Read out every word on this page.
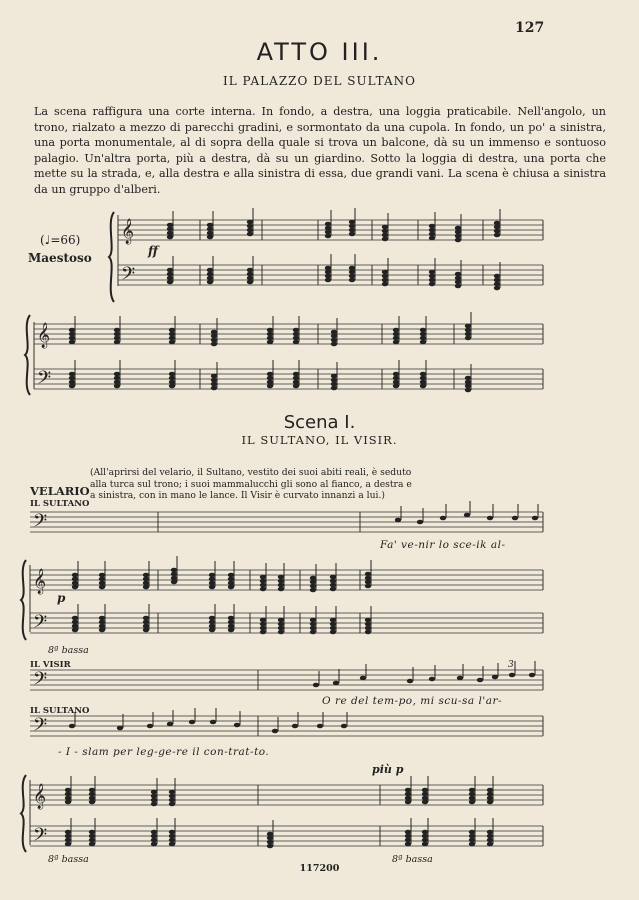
𝄞
𝄢
𝄞
𝄢
𝄢
𝄞
𝄢
𝄢
𝄢
𝄞
𝄢
127
ATTO III.
IL PALAZZO DEL SULTANO
La scena raffigura una corte interna. In fondo, a destra, una loggia praticabile. Nell'angolo, un trono, rialzato a mezzo di parecchi gradini, e sormontato da una cupola. In fondo, un po' a sinistra, una porta monumentale, al di sopra della quale si trova un balcone, dà su un immenso e sontuoso palagio. Un'altra porta, più a destra, dà su un giardino. Sotto la loggia di destra, una porta che mette su la strada, e, alla destra e alla sinistra di essa, due grandi vani. La scena è chiusa a sinistra da un gruppo d'alberi.
(♩=66)
Maestoso	ff
Scena I.
IL SULTANO, IL VISIR.
(All'aprirsi del velario, il Sultano, vestito dei suoi abiti reali, è seduto alla turca sul trono; i suoi mammalucchi gli sono al fianco, a destra e a sinistra, con in mano le lance. Il Visir è curvato innanzi a lui.)
VELARIO
IL SULTANO
Fa' ve-nir lo sce-ik al-
p
8ª bassa
IL VISIR	3
O re del tem-po, mi scu-sa l'ar-
IL SULTANO
- I - slam per leg-ge-re il con-trat-to.
più p
8ª bassa	8ª bassa
117200
